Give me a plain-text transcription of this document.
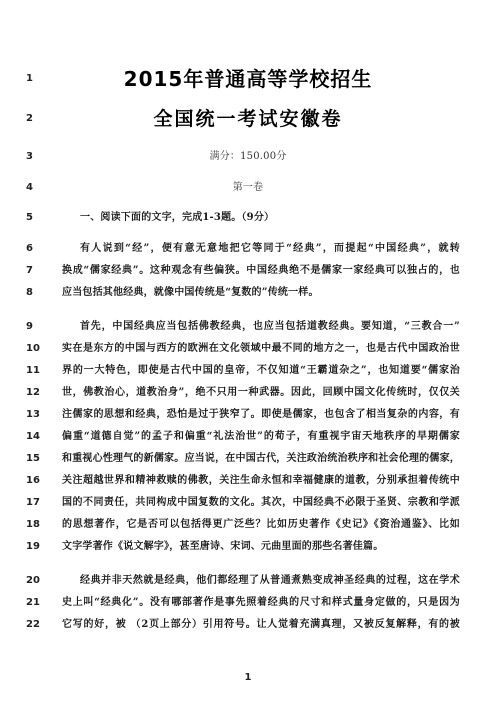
1	2015年普通高等学校招生
2	全国统一考试安徽卷
3	满分：150.00分
4	第一卷
5	一、阅读下面的文字，完成1-3题。（9分）
6	有人说到“经”，便有意无意地把它等同于“经典”，而提起“中国经典”，就转
7	换成“儒家经典”。这种观念有些偏狭。中国经典绝不是儒家一家经典可以独占的，也
8	应当包括其他经典，就像中国传统是“复数的”传统一样。
9	首先，中国经典应当包括佛教经典，也应当包括道教经典。要知道，“三教合一”
10	实在是东方的中国与西方的欧洲在文化领域中最不同的地方之一，也是古代中国政治世
11	界的一大特色，即使是古代中国的皇帝，不仅知道“王霸道杂之”，也知道要“儒家治
12	世，佛教治心，道教治身”，绝不只用一种武器。因此，回顾中国文化传统时，仅仅关
13	注儒家的思想和经典，恐怕是过于狭窄了。即使是儒家，也包含了相当复杂的内容，有
14	偏重“道德自觉”的孟子和偏重“礼法治世”的荀子，有重视宇宙天地秩序的早期儒家
15	和重视心性理气的新儒家。应当说，在中国古代，关注政治统治秩序和社会伦理的儒家，
16	关注超越世界和精神救赎的佛教，关注生命永恒和幸福健康的道教，分别承担着传统中
17	国的不同责任，共同构成中国复数的文化。其次，中国经典不必限于圣贤、宗教和学派
18	的思想著作，它是否可以包括得更广泛些？比如历史著作《史记》《资治通鉴》、比如
19	文字学著作《说文解字》，甚至唐诗、宋词、元曲里面的那些名著佳篇。
20	经典并非天然就是经典，他们都经理了从普通煮熟变成神圣经典的过程，这在学术
21	史上叫“经典化”。没有哪部著作是事先照着经典的尺寸和样式量身定做的，只是因为
22	它写的好，被 （2页上部分）引用符号。让人觉着充满真理，又被反复解释，有的被
1
